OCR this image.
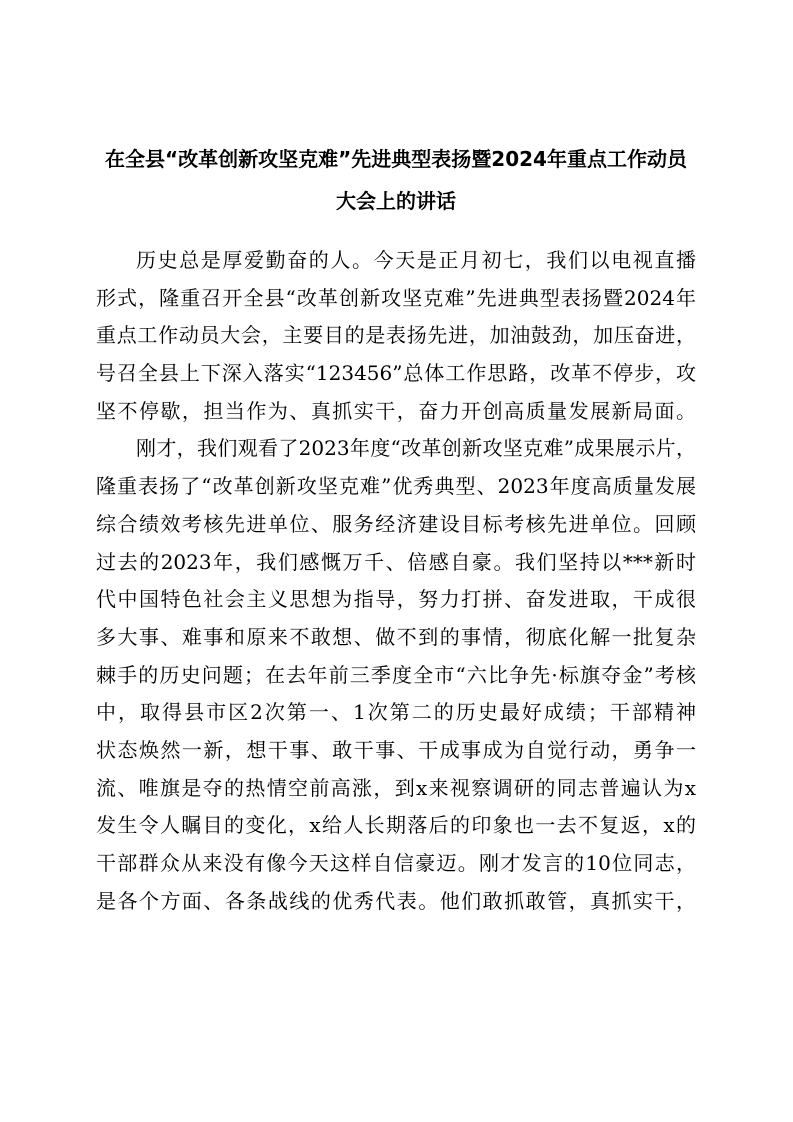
在全县“改革创新攻坚克难”先进典型表扬暨2024年重点工作动员
大会上的讲话
历史总是厚爱勤奋的人。今天是正月初七，我们以电视直播
形式，隆重召开全县“改革创新攻坚克难”先进典型表扬暨2024年
重点工作动员大会，主要目的是表扬先进，加油鼓劲，加压奋进，
号召全县上下深入落实“123456”总体工作思路，改革不停步，攻
坚不停歇，担当作为、真抓实干，奋力开创高质量发展新局面。
刚才，我们观看了2023年度“改革创新攻坚克难”成果展示片，
隆重表扬了“改革创新攻坚克难”优秀典型、2023年度高质量发展
综合绩效考核先进单位、服务经济建设目标考核先进单位。回顾
过去的2023年，我们感慨万千、倍感自豪。我们坚持以***新时
代中国特色社会主义思想为指导，努力打拼、奋发进取，干成很
多大事、难事和原来不敢想、做不到的事情，彻底化解一批复杂
棘手的历史问题；在去年前三季度全市“六比争先·标旗夺金”考核
中，取得县市区2次第一、1次第二的历史最好成绩；干部精神
状态焕然一新，想干事、敢干事、干成事成为自觉行动，勇争一
流、唯旗是夺的热情空前高涨，到x来视察调研的同志普遍认为x
发生令人瞩目的变化，x给人长期落后的印象也一去不复返，x的
干部群众从来没有像今天这样自信豪迈。刚才发言的10位同志，
是各个方面、各条战线的优秀代表。他们敢抓敢管，真抓实干，
